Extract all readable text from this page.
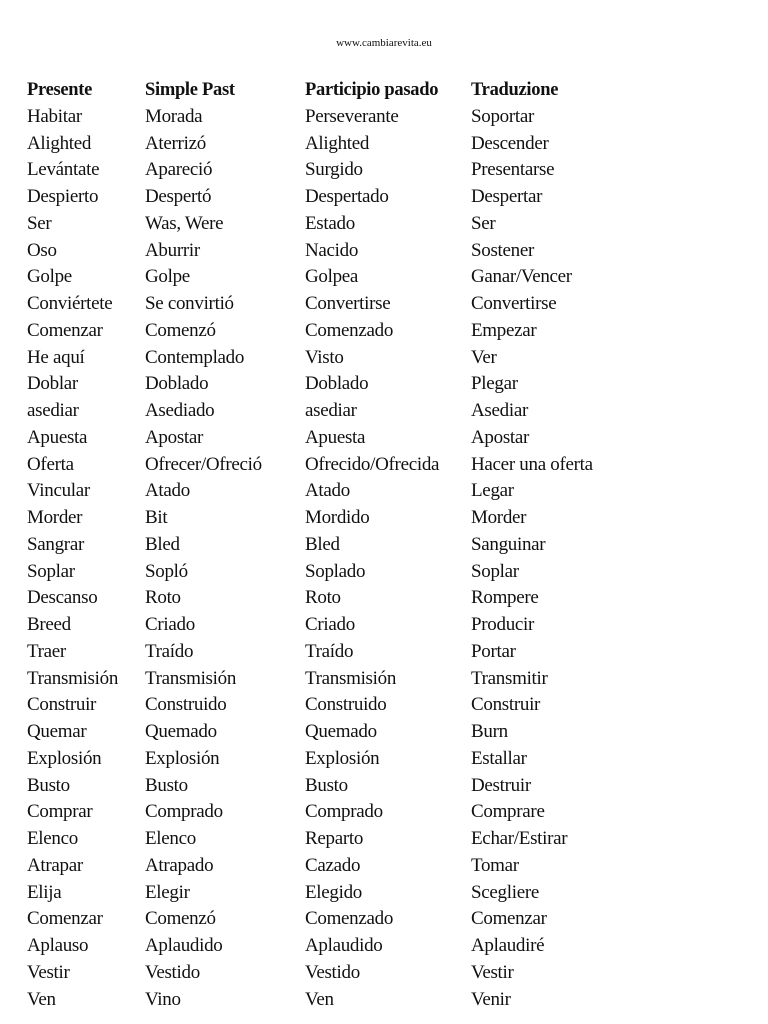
www.cambiarevita.eu
Presente	Simple Past	Participio pasado	Traduzione
Habitar	Morada	Perseverante	Soportar
Alighted	Aterrizó	Alighted	Descender
Levántate	Apareció	Surgido	Presentarse
Despierto	Despertó	Despertado	Despertar
Ser	Was, Were	Estado	Ser
Oso	Aburrir	Nacido	Sostener
Golpe	Golpe	Golpea	Ganar/Vencer
Conviértete	Se convirtió	Convertirse	Convertirse
Comenzar	Comenzó	Comenzado	Empezar
He aquí	Contemplado	Visto	Ver
Doblar	Doblado	Doblado	Plegar
asediar	Asediado	asediar	Asediar
Apuesta	Apostar	Apuesta	Apostar
Oferta	Ofrecer/Ofreció	Ofrecido/Ofrecida	Hacer una oferta
Vincular	Atado	Atado	Legar
Morder	Bit	Mordido	Morder
Sangrar	Bled	Bled	Sanguinar
Soplar	Sopló	Soplado	Soplar
Descanso	Roto	Roto	Rompere
Breed	Criado	Criado	Producir
Traer	Traído	Traído	Portar
Transmisión	Transmisión	Transmisión	Transmitir
Construir	Construido	Construido	Construir
Quemar	Quemado	Quemado	Burn
Explosión	Explosión	Explosión	Estallar
Busto	Busto	Busto	Destruir
Comprar	Comprado	Comprado	Comprare
Elenco	Elenco	Reparto	Echar/Estirar
Atrapar	Atrapado	Cazado	Tomar
Elija	Elegir	Elegido	Scegliere
Comenzar	Comenzó	Comenzado	Comenzar
Aplauso	Aplaudido	Aplaudido	Aplaudiré
Vestir	Vestido	Vestido	Vestir
Ven	Vino	Ven	Venir
